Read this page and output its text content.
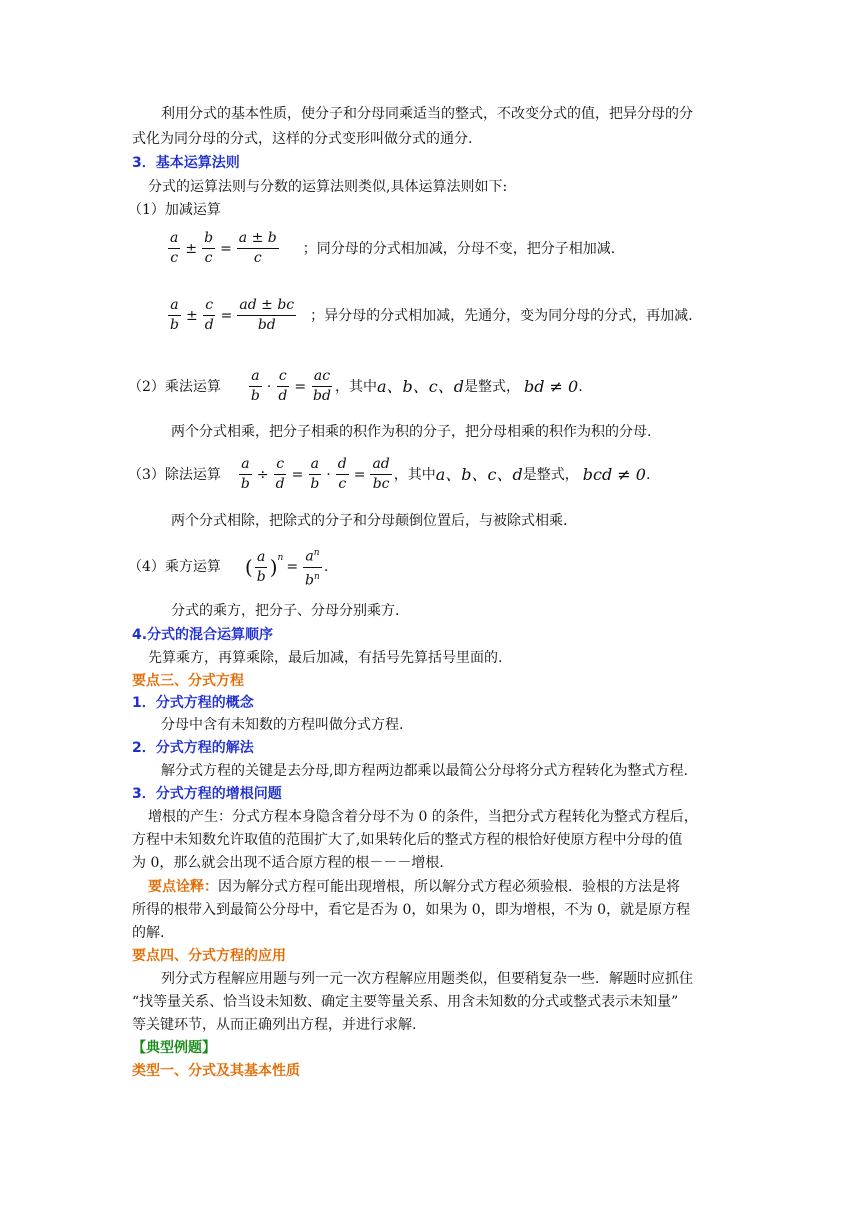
利用分式的基本性质，使分子和分母同乘适当的整式，不改变分式的值，把异分母的分
式化为同分母的分式，这样的分式变形叫做分式的通分.
3．基本运算法则
分式的运算法则与分数的运算法则类似,具体运算法则如下:
（1）加减运算
$\frac{a}{c} \pm \frac{b}{c} = \frac{a \pm b}{c}$ ；同分母的分式相加减，分母不变，把分子相加减.
$\frac{a}{b} \pm \frac{c}{d} = \frac{ad \pm bc}{bd}$ ；异分母的分式相加减，先通分，变为同分母的分式，再加减.
（2）乘法运算 $\frac{a}{b} \cdot \frac{c}{d} = \frac{ac}{bd}$ ，其中 a、b、c、d 是整式， bd ≠ 0 .
两个分式相乘，把分子相乘的积作为积的分子，把分母相乘的积作为积的分母.
（3）除法运算 $\frac{a}{b} \div \frac{c}{d} = \frac{a}{b} \cdot \frac{d}{c} = \frac{ad}{bc}$ ，其中 a、b、c、d 是整式， bcd ≠ 0 .
两个分式相除，把除式的分子和分母颠倒位置后，与被除式相乘.
（4）乘方运算 ( $\frac{a}{b}$ ) n
= $\frac{a^n}{b^n}$ .
分式的乘方，把分子、分母分别乘方.
4.分式的混合运算顺序
先算乘方，再算乘除，最后加减，有括号先算括号里面的.
要点三、分式方程
1．分式方程的概念
分母中含有未知数的方程叫做分式方程.
2．分式方程的解法
解分式方程的关键是去分母,即方程两边都乘以最简公分母将分式方程转化为整式方程.
3．分式方程的增根问题
增根的产生：分式方程本身隐含着分母不为 0 的条件，当把分式方程转化为整式方程后，
方程中未知数允许取值的范围扩大了,如果转化后的整式方程的根恰好使原方程中分母的值
为 0，那么就会出现不适合原方程的根－－－增根.
要点诠释：因为解分式方程可能出现增根，所以解分式方程必须验根．验根的方法是将
所得的根带入到最简公分母中，看它是否为 0，如果为 0，即为增根，不为 0，就是原方程
的解.
要点四、分式方程的应用
列分式方程解应用题与列一元一次方程解应用题类似，但要稍复杂一些．解题时应抓住
“找等量关系、恰当设未知数、确定主要等量关系、用含未知数的分式或整式表示未知量”
等关键环节，从而正确列出方程，并进行求解.
【典型例题】
类型一、分式及其基本性质
